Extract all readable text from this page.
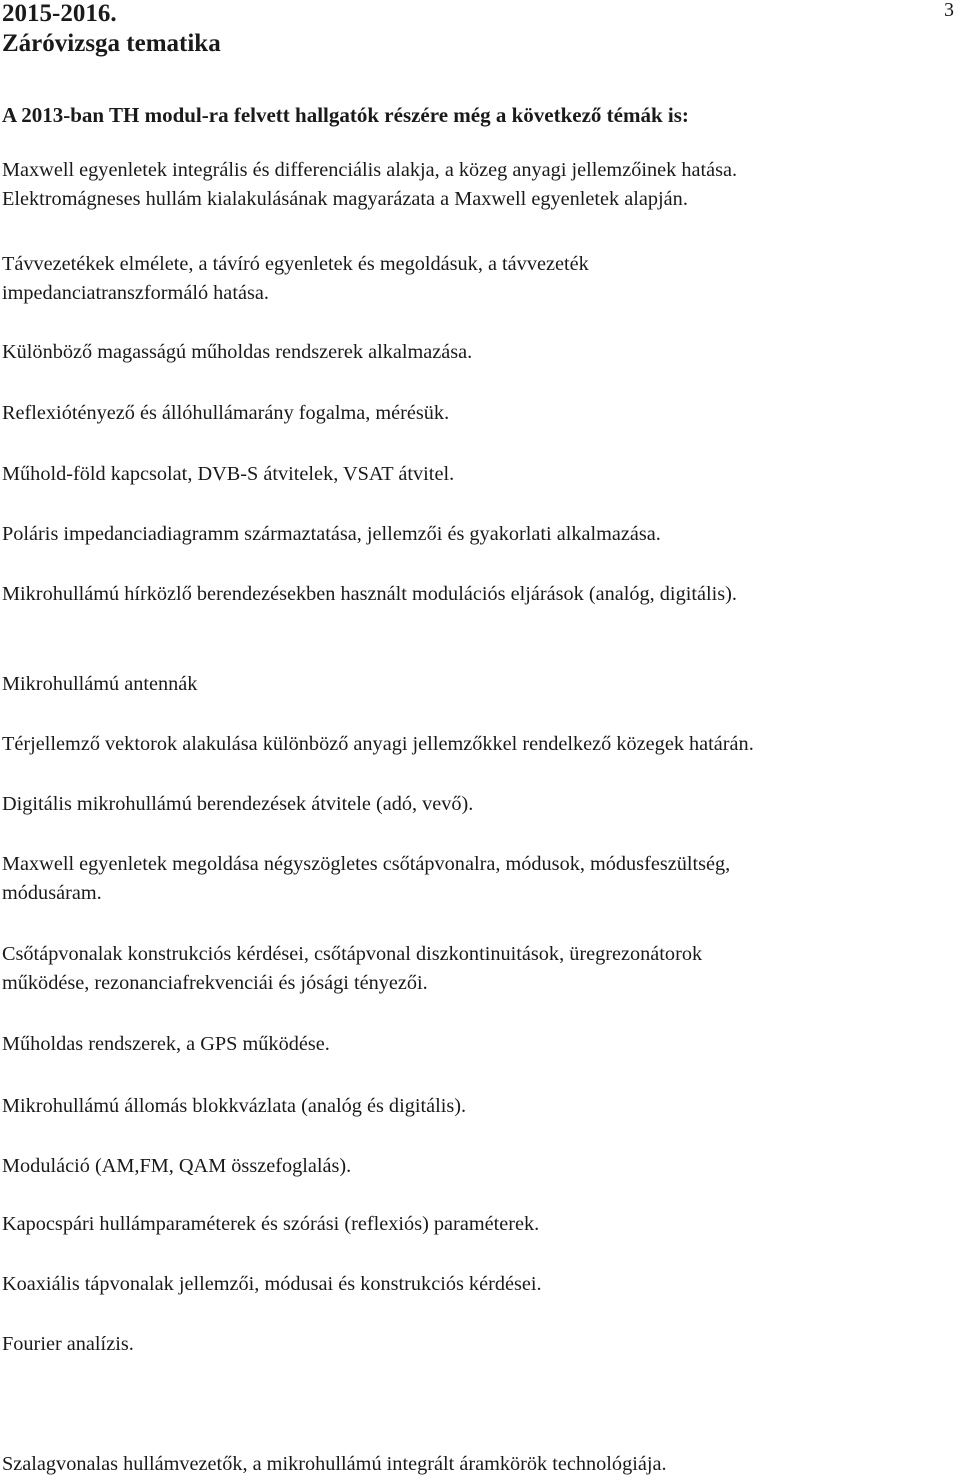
2015-2016.
Záróvizsga tematika
3
A 2013-ban TH modul-ra felvett hallgatók részére még a következő témák is:
Maxwell egyenletek integrális és differenciális alakja, a közeg anyagi jellemzőinek hatása.
Elektromágneses hullám kialakulásának magyarázata a Maxwell egyenletek alapján.
Távvezetékek elmélete, a távíró egyenletek és megoldásuk, a távvezeték
impedanciatranszformáló hatása.
Különböző magasságú műholdas rendszerek alkalmazása.
Reflexiótényező és állóhullámarány fogalma, mérésük.
Műhold-föld kapcsolat, DVB-S átvitelek, VSAT átvitel.
Poláris impedanciadiagramm származtatása, jellemzői és gyakorlati alkalmazása.
Mikrohullámú hírközlő berendezésekben használt modulációs eljárások (analóg, digitális).
Mikrohullámú antennák
Térjellemző vektorok alakulása különböző anyagi jellemzőkkel rendelkező közegek határán.
Digitális mikrohullámú berendezések átvitele (adó, vevő).
Maxwell egyenletek megoldása négyszögletes csőtápvonalra, módusok, módusfeszültség,
módusáram.
Csőtápvonalak konstrukciós kérdései, csőtápvonal diszkontinuitások, üregrezonátorok
működése, rezonanciafrekvenciái és jósági tényezői.
Műholdas rendszerek, a GPS működése.
Mikrohullámú állomás blokkvázlata (analóg és digitális).
Moduláció (AM,FM, QAM összefoglalás).
Kapocspári hullámparaméterek és szórási (reflexiós) paraméterek.
Koaxiális tápvonalak jellemzői, módusai és konstrukciós kérdései.
Fourier analízis.
Szalagvonalas hullámvezetők, a mikrohullámú integrált áramkörök technológiája.
